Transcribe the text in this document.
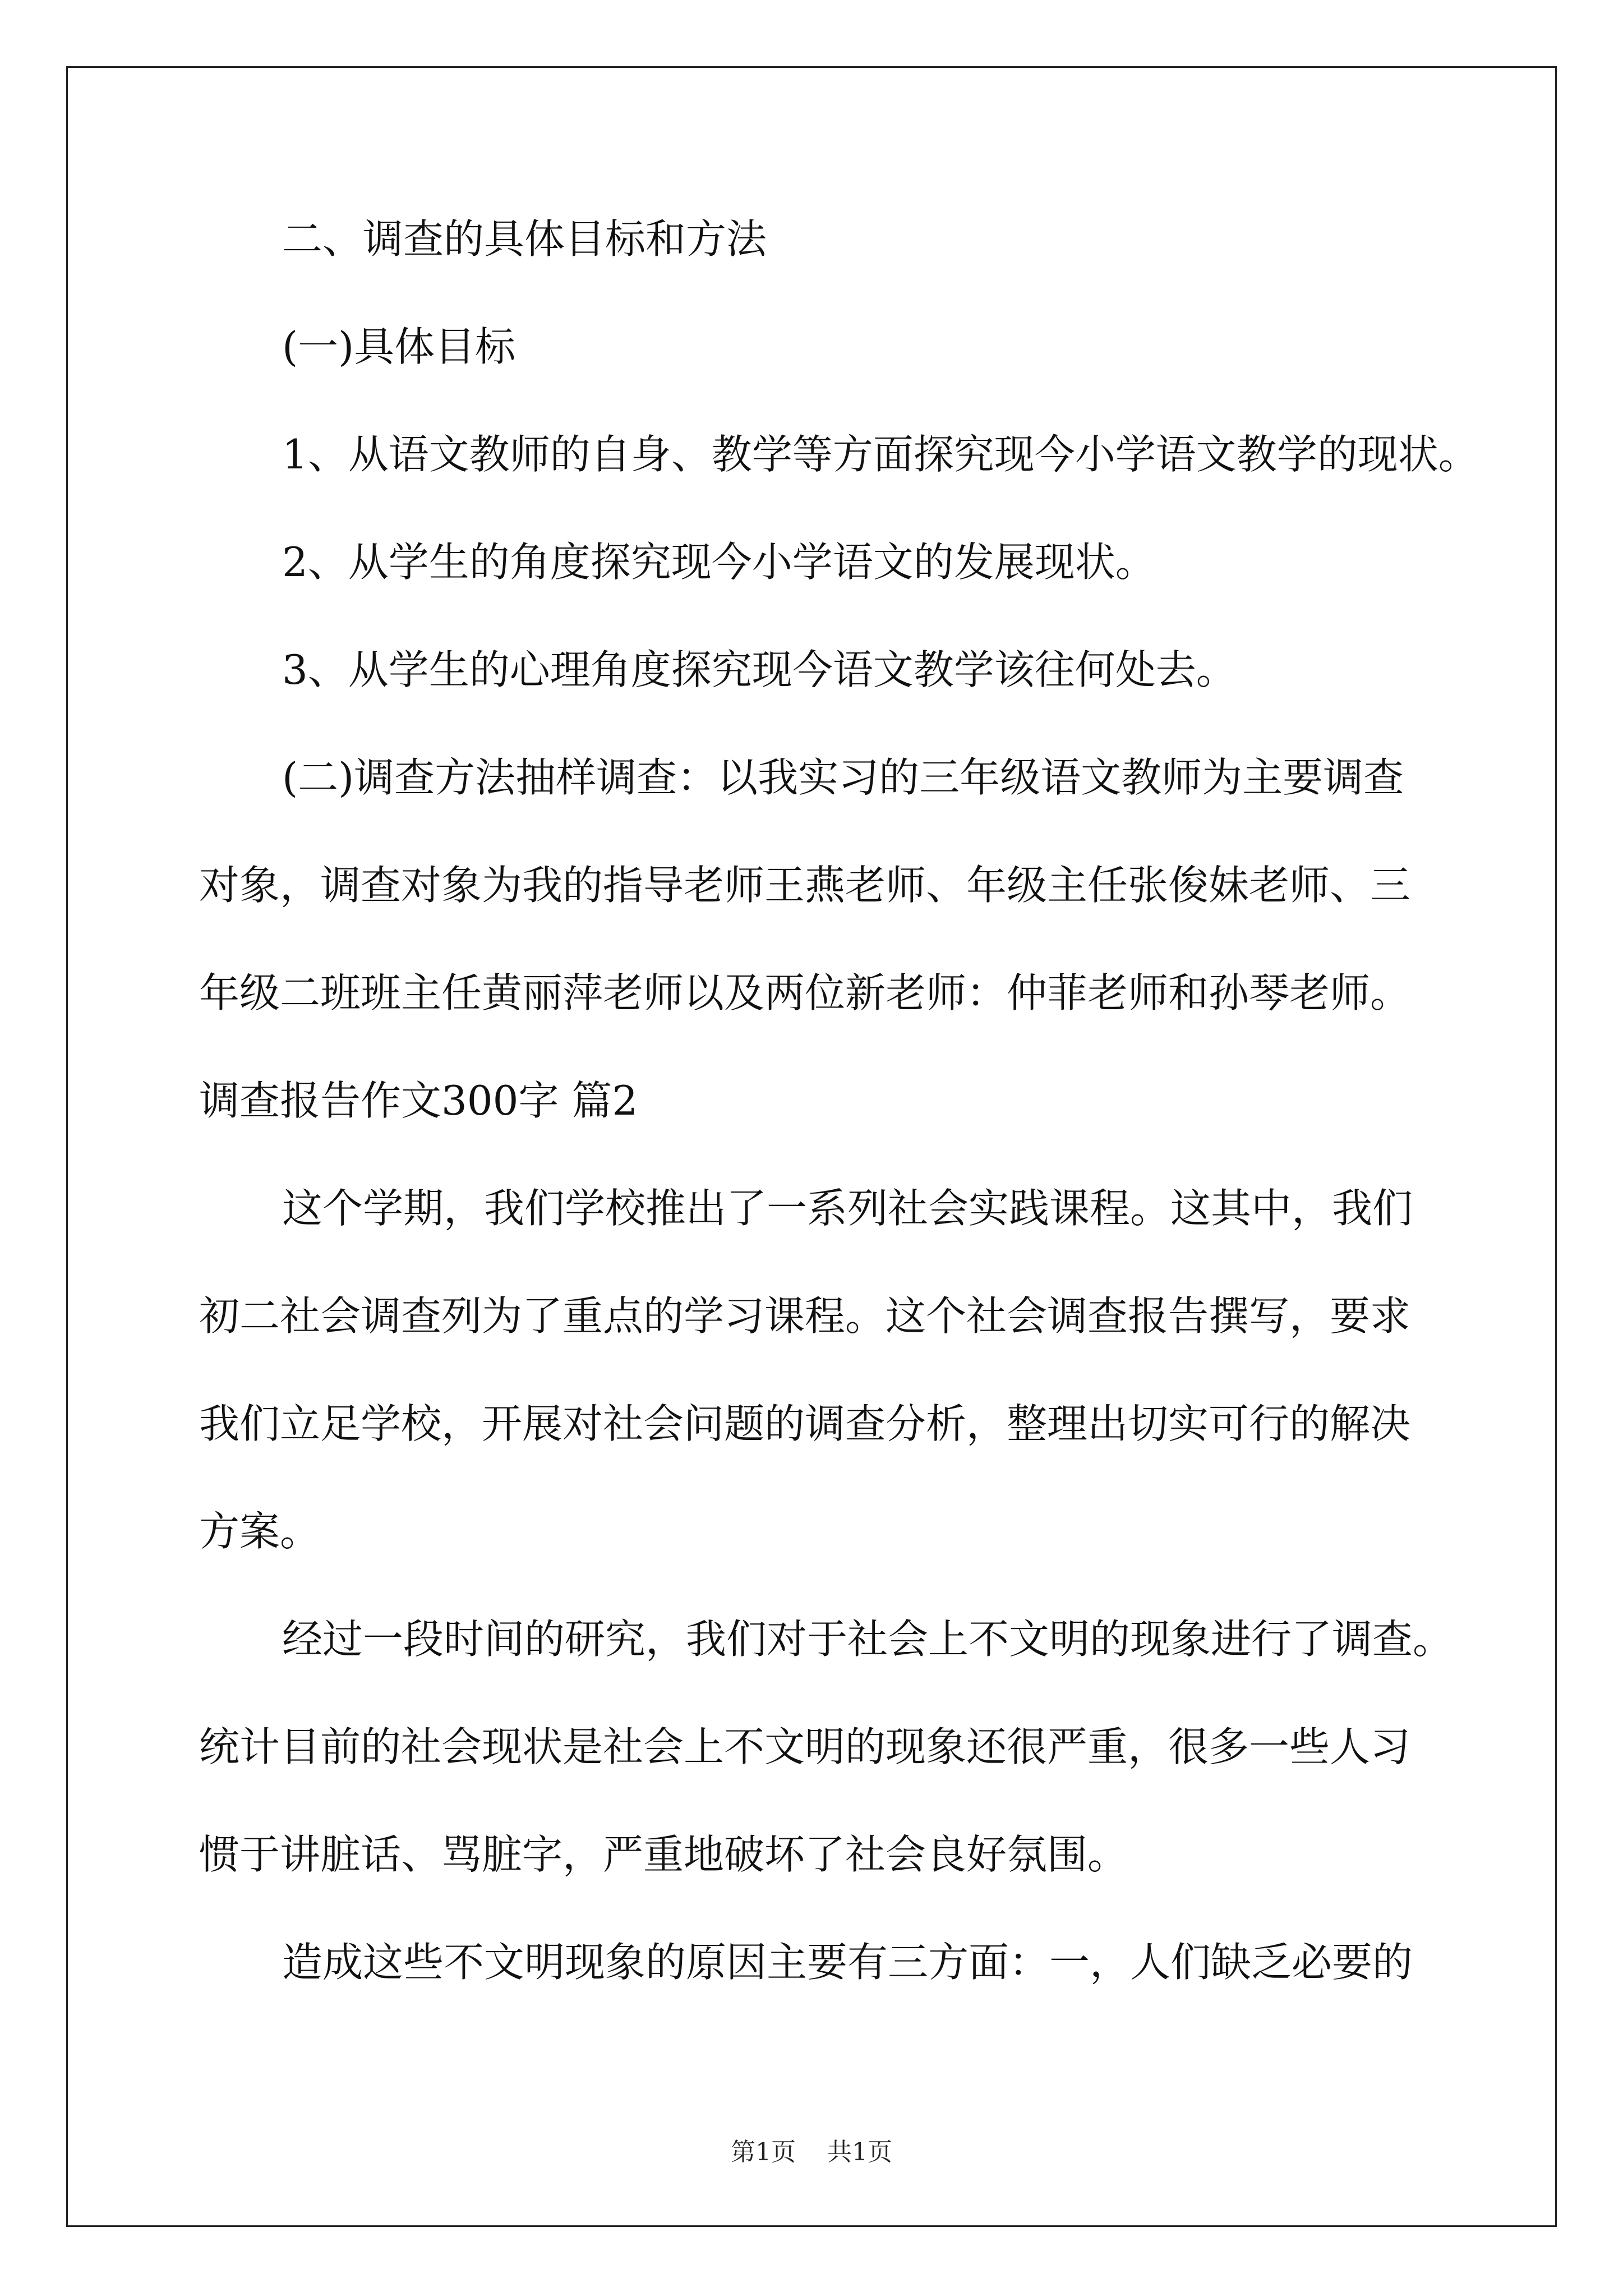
二、调查的具体目标和方法
(一)具体目标
1、从语文教师的自身、教学等方面探究现今小学语文教学的现状。
2、从学生的角度探究现今小学语文的发展现状。
3、从学生的心理角度探究现今语文教学该往何处去。
(二)调查方法抽样调查：以我实习的三年级语文教师为主要调查
对象，调查对象为我的指导老师王燕老师、年级主任张俊妹老师、三
年级二班班主任黄丽萍老师以及两位新老师：仲菲老师和孙琴老师。
调查报告作文300字 篇2
这个学期，我们学校推出了一系列社会实践课程。这其中，我们
初二社会调查列为了重点的学习课程。这个社会调查报告撰写，要求
我们立足学校，开展对社会问题的调查分析，整理出切实可行的解决
方案。
经过一段时间的研究，我们对于社会上不文明的现象进行了调查。
统计目前的社会现状是社会上不文明的现象还很严重，很多一些人习
惯于讲脏话、骂脏字，严重地破坏了社会良好氛围。
造成这些不文明现象的原因主要有三方面：一，人们缺乏必要的
第1页    共1页
